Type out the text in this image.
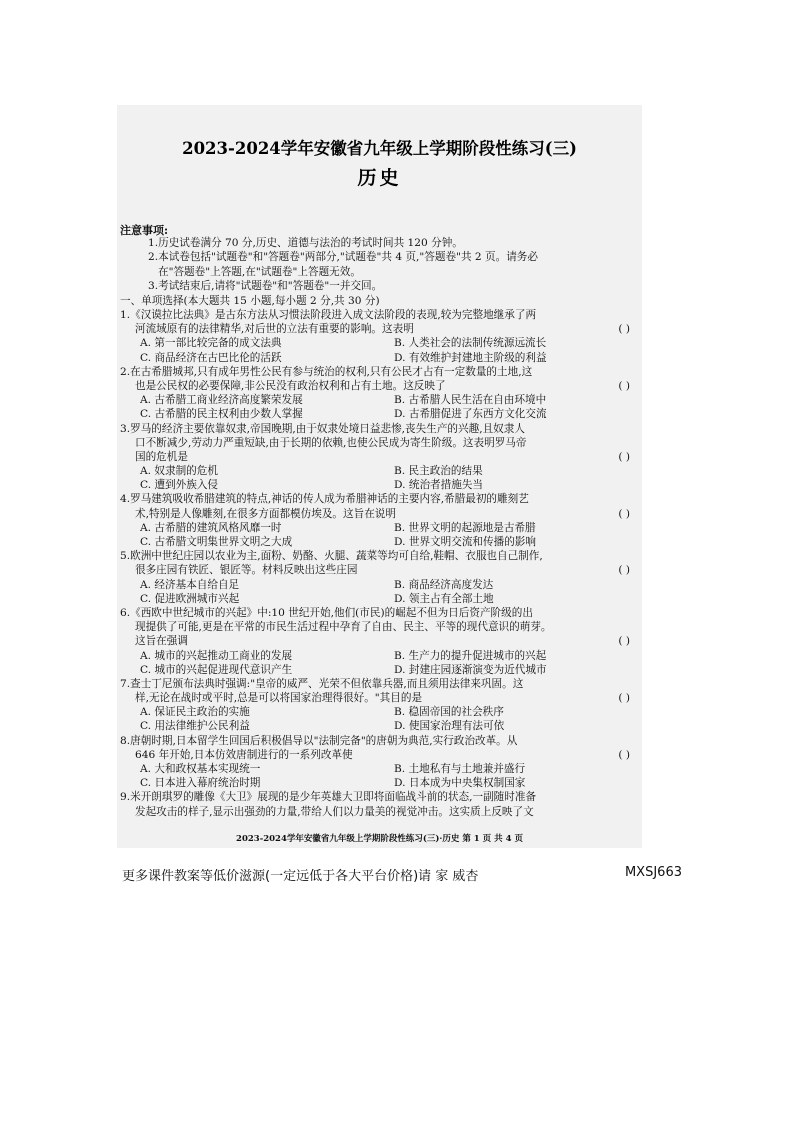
2023-2024学年安徽省九年级上学期阶段性练习(三)
历史
注意事项:

1.历史试卷满分 70 分,历史、道德与法治的考试时间共 120 分钟。

2.本试卷包括"试题卷"和"答题卷"两部分,"试题卷"共 4 页,"答题卷"共 2 页。请务必

在"答题卷"上答题,在"试题卷"上答题无效。

3.考试结束后,请将"试题卷"和"答题卷"一并交回。

一、单项选择(本大题共 15 小题,每小题 2 分,共 30 分)

1.《汉谟拉比法典》是古东方法从习惯法阶段进入成文法阶段的表现,较为完整地继承了两

河流域原有的法律精华,对后世的立法有重要的影响。这表明	( )

A. 第一部比较完备的成文法典	B. 人类社会的法制传统源远流长
C. 商品经济在古巴比伦的活跃	D. 有效维护封建地主阶级的利益

2.在古希腊城邦,只有成年男性公民有参与统治的权利,只有公民才占有一定数量的土地,这

也是公民权的必要保障,非公民没有政治权利和占有土地。这反映了	( )

A. 古希腊工商业经济高度繁荣发展	B. 古希腊人民生活在自由环境中
C. 古希腊的民主权利由少数人掌握	D. 古希腊促进了东西方文化交流

3.罗马的经济主要依靠奴隶,帝国晚期,由于奴隶处境日益悲惨,丧失生产的兴趣,且奴隶人

口不断减少,劳动力严重短缺,由于长期的依赖,也使公民成为寄生阶级。这表明罗马帝

国的危机是	( )

A. 奴隶制的危机	B. 民主政治的结果
C. 遭到外族入侵	D. 统治者措施失当

4.罗马建筑吸收希腊建筑的特点,神话的传人成为希腊神话的主要内容,希腊最初的雕刻艺

术,特别是人像雕刻,在很多方面都模仿埃及。这旨在说明	( )

A. 古希腊的建筑风格风靡一时	B. 世界文明的起源地是古希腊
C. 古希腊文明集世界文明之大成	D. 世界文明交流和传播的影响

5.欧洲中世纪庄园以农业为主,面粉、奶酪、火腿、蔬菜等均可自给,鞋帽、衣服也自己制作,

很多庄园有铁匠、银匠等。材料反映出这些庄园	( )

A. 经济基本自给自足	B. 商品经济高度发达
C. 促进欧洲城市兴起	D. 领主占有全部土地

6.《西欧中世纪城市的兴起》中:10 世纪开始,他们(市民)的崛起不但为日后资产阶级的出

现提供了可能,更是在平常的市民生活过程中孕育了自由、民主、平等的现代意识的萌芽。

这旨在强调	( )

A. 城市的兴起推动工商业的发展	B. 生产力的提升促进城市的兴起
C. 城市的兴起促进现代意识产生	D. 封建庄园逐渐演变为近代城市

7.查士丁尼颁布法典时强调:"皇帝的威严、光荣不但依靠兵器,而且须用法律来巩固。这

样,无论在战时或平时,总是可以将国家治理得很好。"其目的是	( )

A. 保证民主政治的实施	B. 稳固帝国的社会秩序
C. 用法律维护公民利益	D. 使国家治理有法可依

8.唐朝时期,日本留学生回国后积极倡导以"法制完备"的唐朝为典范,实行政治改革。从

646 年开始,日本仿效唐制进行的一系列改革使	( )

A. 大和政权基本实现统一	B. 土地私有与土地兼并盛行
C. 日本进入幕府统治时期	D. 日本成为中央集权制国家

9.米开朗琪罗的雕像《大卫》展现的是少年英雄大卫即将面临战斗前的状态,一副随时准备

发起攻击的样子,显示出强劲的力量,带给人们以力量美的视觉冲击。这实质上反映了文

2023-2024学年安徽省九年级上学期阶段性练习(三)·历史 第 1 页 共 4 页
更多课件教案等低价滋源(一定远低于各大平台价格)请 家 威杏	MXSJ663
